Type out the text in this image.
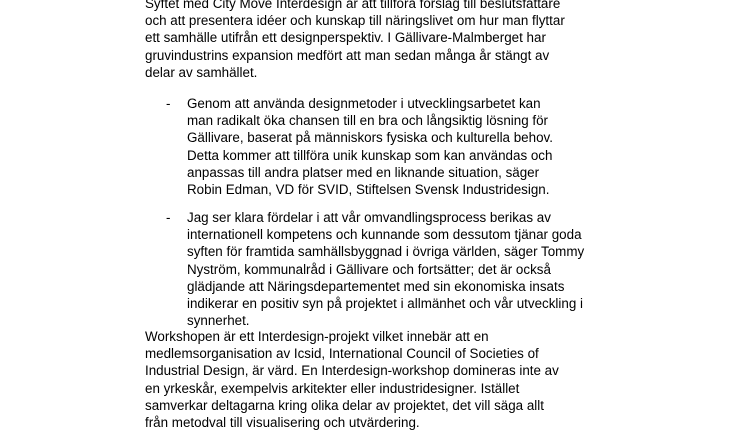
Syftet med City Move Interdesign är att tillföra förslag till beslutsfattare
och att presentera idéer och kunskap till näringslivet om hur man flyttar
ett samhälle utifrån ett designperspektiv. I Gällivare-Malmberget har
gruvindustrins expansion medfört att man sedan många år stängt av
delar av samhället.

- Genom att använda designmetoder i utvecklingsarbetet kan
man radikalt öka chansen till en bra och långsiktig lösning för
Gällivare, baserat på människors fysiska och kulturella behov.
Detta kommer att tillföra unik kunskap som kan användas och
anpassas till andra platser med en liknande situation, säger
Robin Edman, VD för SVID, Stiftelsen Svensk Industridesign.
- Jag ser klara fördelar i att vår omvandlingsprocess berikas av
internationell kompetens och kunnande som dessutom tjänar goda
syften för framtida samhällsbyggnad i övriga världen, säger Tommy
Nyström, kommunalråd i Gällivare och fortsätter; det är också
glädjande att Näringsdepartementet med sin ekonomiska insats
indikerar en positiv syn på projektet i allmänhet och vår utveckling i
synnerhet.

Workshopen är ett Interdesign-projekt vilket innebär att en
medlemsorganisation av Icsid, International Council of Societies of
Industrial Design, är värd. En Interdesign-workshop domineras inte av
en yrkeskår, exempelvis arkitekter eller industridesigner. Istället
samverkar deltagarna kring olika delar av projektet, det vill säga allt
från metodval till visualisering och utvärdering.
